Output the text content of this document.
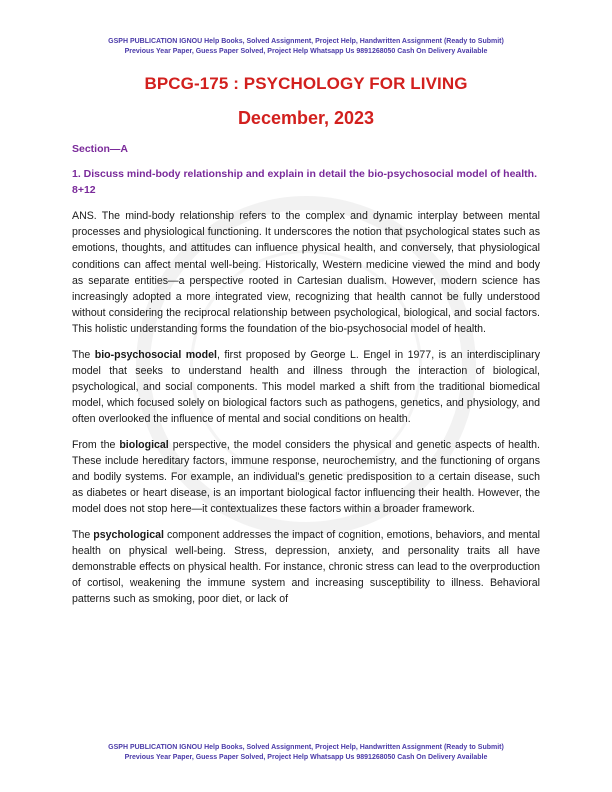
GSPH PUBLICATION IGNOU Help Books, Solved Assignment, Project Help, Handwritten Assignment (Ready to Submit)
Previous Year Paper, Guess Paper Solved, Project Help Whatsapp Us 9891268050 Cash On Delivery Available
BPCG-175 : PSYCHOLOGY FOR LIVING
December, 2023
Section—A
1. Discuss mind-body relationship and explain in detail the bio-psychosocial model of health. 8+12

ANS. The mind-body relationship refers to the complex and dynamic interplay between mental processes and physiological functioning. It underscores the notion that psychological states such as emotions, thoughts, and attitudes can influence physical health, and conversely, that physiological conditions can affect mental well-being. Historically, Western medicine viewed the mind and body as separate entities—a perspective rooted in Cartesian dualism. However, modern science has increasingly adopted a more integrated view, recognizing that health cannot be fully understood without considering the reciprocal relationship between psychological, biological, and social factors. This holistic understanding forms the foundation of the bio-psychosocial model of health.

The bio-psychosocial model, first proposed by George L. Engel in 1977, is an interdisciplinary model that seeks to understand health and illness through the interaction of biological, psychological, and social components. This model marked a shift from the traditional biomedical model, which focused solely on biological factors such as pathogens, genetics, and physiology, and often overlooked the influence of mental and social conditions on health.

From the biological perspective, the model considers the physical and genetic aspects of health. These include hereditary factors, immune response, neurochemistry, and the functioning of organs and bodily systems. For example, an individual's genetic predisposition to a certain disease, such as diabetes or heart disease, is an important biological factor influencing their health. However, the model does not stop here—it contextualizes these factors within a broader framework.

The psychological component addresses the impact of cognition, emotions, behaviors, and mental health on physical well-being. Stress, depression, anxiety, and personality traits all have demonstrable effects on physical health. For instance, chronic stress can lead to the overproduction of cortisol, weakening the immune system and increasing susceptibility to illness. Behavioral patterns such as smoking, poor diet, or lack of

GSPH PUBLICATION IGNOU Help Books, Solved Assignment, Project Help, Handwritten Assignment (Ready to Submit)
Previous Year Paper, Guess Paper Solved, Project Help Whatsapp Us 9891268050 Cash On Delivery Available
